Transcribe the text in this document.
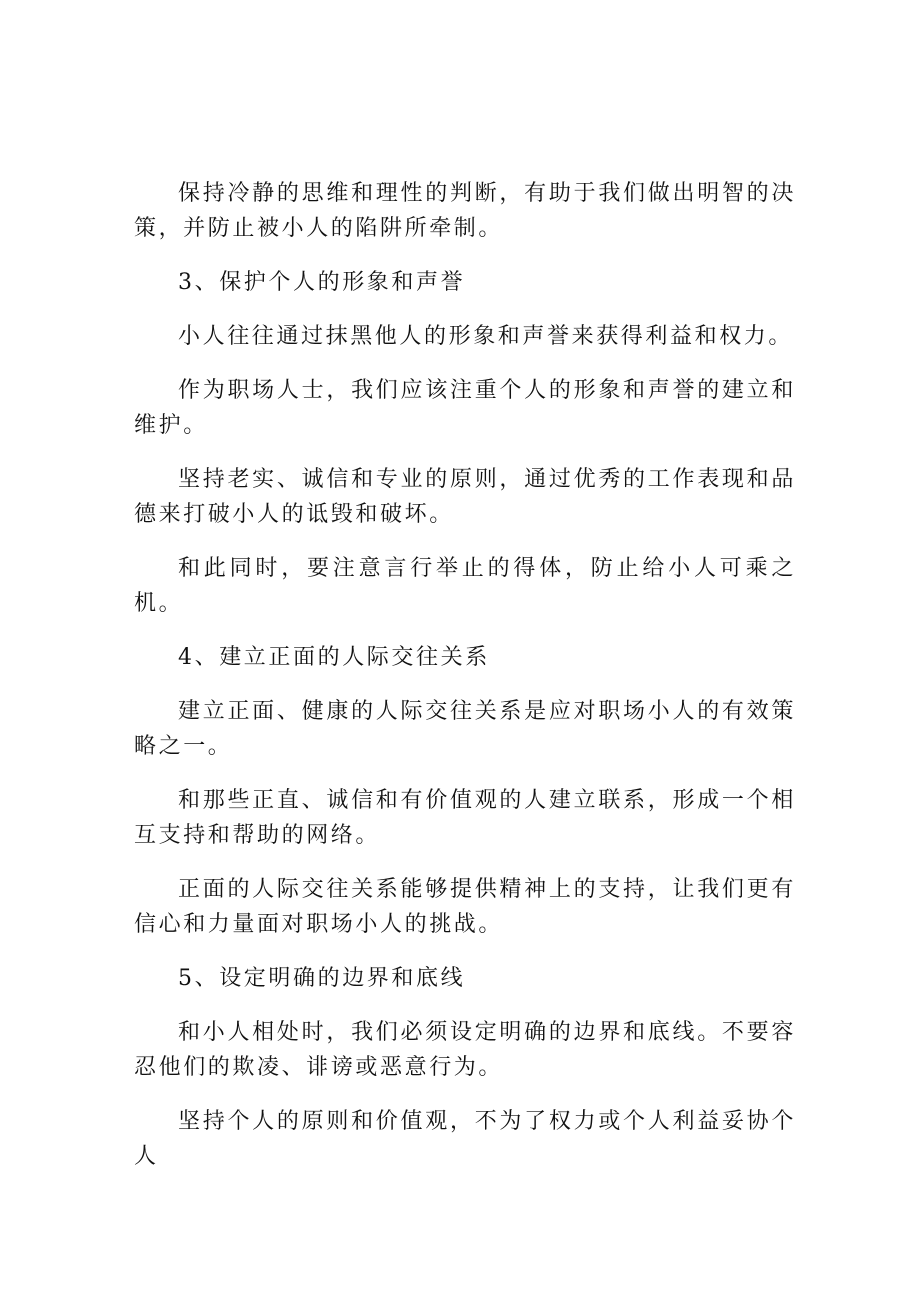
保持冷静的思维和理性的判断，有助于我们做出明智的决策，并防止被小人的陷阱所牵制。

3、保护个人的形象和声誉

小人往往通过抹黑他人的形象和声誉来获得利益和权力。

作为职场人士，我们应该注重个人的形象和声誉的建立和维护。

坚持老实、诚信和专业的原则，通过优秀的工作表现和品德来打破小人的诋毁和破坏。

和此同时，要注意言行举止的得体，防止给小人可乘之机。

4、建立正面的人际交往关系

建立正面、健康的人际交往关系是应对职场小人的有效策略之一。

和那些正直、诚信和有价值观的人建立联系，形成一个相互支持和帮助的网络。

正面的人际交往关系能够提供精神上的支持，让我们更有信心和力量面对职场小人的挑战。

5、设定明确的边界和底线

和小人相处时，我们必须设定明确的边界和底线。不要容忍他们的欺凌、诽谤或恶意行为。

坚持个人的原则和价值观，不为了权力或个人利益妥协个人
